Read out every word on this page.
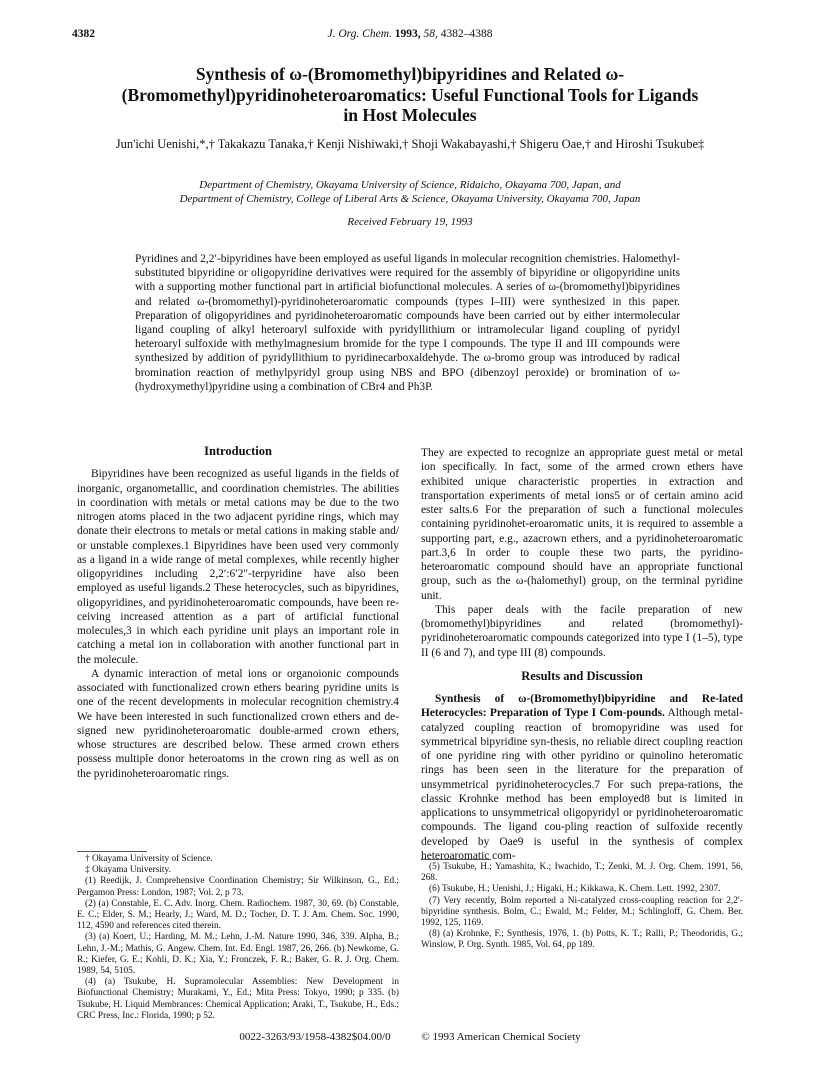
4382	J. Org. Chem. 1993, 58, 4382–4388
Synthesis of ω-(Bromomethyl)bipyridines and Related ω-(Bromomethyl)pyridinoheteroaromatics: Useful Functional Tools for Ligands in Host Molecules
Jun'ichi Uenishi,*,† Takakazu Tanaka,† Kenji Nishiwaki,† Shoji Wakabayashi,† Shigeru Oae,† and Hiroshi Tsukube‡
Department of Chemistry, Okayama University of Science, Ridaicho, Okayama 700, Japan, and
Department of Chemistry, College of Liberal Arts & Science, Okayama University, Okayama 700, Japan
Received February 19, 1993
Pyridines and 2,2′-bipyridines have been employed as useful ligands in molecular recognition chemistries. Halomethyl-substituted bipyridine or oligopyridine derivatives were required for the assembly of bipyridine or oligopyridine units with a supporting mother functional part in artificial biofunctional molecules. A series of ω-(bromomethyl)bipyridines and related ω-(bromomethyl)-pyridinoheteroaromatic compounds (types I–III) were synthesized in this paper. Preparation of oligopyridines and pyridinoheteroaromatic compounds have been carried out by either intermolecular ligand coupling of alkyl heteroaryl sulfoxide with pyridyllithium or intramolecular ligand coupling of pyridyl heteroaryl sulfoxide with methylmagnesium bromide for the type I compounds. The type II and III compounds were synthesized by addition of pyridyllithium to pyridinecarboxaldehyde. The ω-bromo group was introduced by radical bromination reaction of methylpyridyl group using NBS and BPO (dibenzoyl peroxide) or bromination of ω-(hydroxymethyl)pyridine using a combination of CBr4 and Ph3P.
Introduction

Bipyridines have been recognized as useful ligands in the fields of inorganic, organometallic, and coordination chemistries. The abilities in coordination with metals or metal cations may be due to the two nitrogen atoms placed in the two adjacent pyridine rings, which may donate their electrons to metals or metal cations in making stable and/ or unstable complexes.1 Bipyridines have been used very commonly as a ligand in a wide range of metal complexes, while recently higher oligopyridines including 2,2′:6′2″-terpyridine have also been employed as useful ligands.2 These heterocycles, such as bipyridines, oligopyridines, and pyridinoheteroaromatic compounds, have been re-ceiving increased attention as a part of artificial functional molecules,3 in which each pyridine unit plays an important role in catching a metal ion in collaboration with another functional part in the molecule.

A dynamic interaction of metal ions or organoionic compounds associated with functionalized crown ethers bearing pyridine units is one of the recent developments in molecular recognition chemistry.4 We have been interested in such functionalized crown ethers and de-signed new pyridinoheteroaromatic double-armed crown ethers, whose structures are described below. These armed crown ethers possess multiple donor heteroatoms in the crown ring as well as on the pyridinoheteroaromatic rings.

They are expected to recognize an appropriate guest metal or metal ion specifically. In fact, some of the armed crown ethers have exhibited unique characteristic properties in extraction and transportation experiments of metal ions5 or of certain amino acid ester salts.6 For the preparation of such a functional molecules containing pyridinohet-eroaromatic units, it is required to assemble a supporting part, e.g., azacrown ethers, and a pyridinoheteroaromatic part.3,6 In order to couple these two parts, the pyridino-heteroaromatic compound should have an appropriate functional group, such as the ω-(halomethyl) group, on the terminal pyridine unit.

This paper deals with the facile preparation of new (bromomethyl)bipyridines and related (bromomethyl)-pyridinoheteroaromatic compounds categorized into type I (1–5), type II (6 and 7), and type III (8) compounds.

Results and Discussion

Synthesis of ω-(Bromomethyl)bipyridine and Re-lated Heterocycles: Preparation of Type I Com-pounds. Although metal-catalyzed coupling reaction of bromopyridine was used for symmetrical bipyridine syn-thesis, no reliable direct coupling reaction of one pyridine ring with other pyridino or quinolino heteromatic rings has been seen in the literature for the preparation of unsymmetrical pyridinoheterocycles.7 For such prepa-rations, the classic Krohnke method has been employed8 but is limited in applications to unsymmetrical oligopyridyl or pyridinoheteroaromatic compounds. The ligand cou-pling reaction of sulfoxide recently developed by Oae9 is useful in the synthesis of complex heteroaromatic com-

† Okayama University of Science.

‡ Okayama University.

(1) Reedijk, J. Comprehensive Coordination Chemistry; Sir Wilkinson, G., Ed.; Pergamon Press: London, 1987; Vol. 2, p 73.

(2) (a) Constable, E. C. Adv. Inorg. Chem. Radiochem. 1987, 30, 69. (b) Constable, E. C.; Elder, S. M.; Hearly, J.; Ward, M. D.; Tocher, D. T. J. Am. Chem. Soc. 1990, 112, 4590 and references cited therein.

(3) (a) Koert, U.; Harding, M. M.; Lehn, J.-M. Nature 1990, 346, 339. Alpha, B.; Lehn, J.-M.; Mathis, G. Angew. Chem. Int. Ed. Engl. 1987, 26, 266. (b) Newkome, G. R.; Kiefer, G. E.; Kohli, D. K.; Xia, Y.; Fronczek, F. R.; Baker, G. R. J. Org. Chem. 1989, 54, 5105.

(4) (a) Tsukube, H. Supramolecular Assemblies: New Development in Biofunctional Chemistry; Murakami, Y., Ed.; Mita Press: Tokyo, 1990; p 335. (b) Tsukube, H. Liquid Membrances: Chemical Application; Araki, T., Tsukube, H., Eds.; CRC Press, Inc.: Florida, 1990; p 52.

(5) Tsukube, H.; Yamashita, K.; Iwachido, T.; Zenki, M. J. Org. Chem. 1991, 56, 268.

(6) Tsukube, H.; Uenishi, J.; Higaki, H.; Kikkawa, K. Chem. Lett. 1992, 2307.

(7) Very recently, Bolm reported a Ni-catalyzed cross-coupling reaction for 2,2′-bipyridine synthesis. Bolm, C.; Ewald, M.; Felder, M.; Schlingloff, G. Chem. Ber. 1992, 125, 1169.

(8) (a) Krohnke, F.; Synthesis, 1976, 1. (b) Potts, K. T.; Ralli, P.; Theodoridis, G.; Winslow, P. Org. Synth. 1985, Vol. 64, pp 189.

0022-3263/93/1958-4382$04.00/0	© 1993 American Chemical Society
